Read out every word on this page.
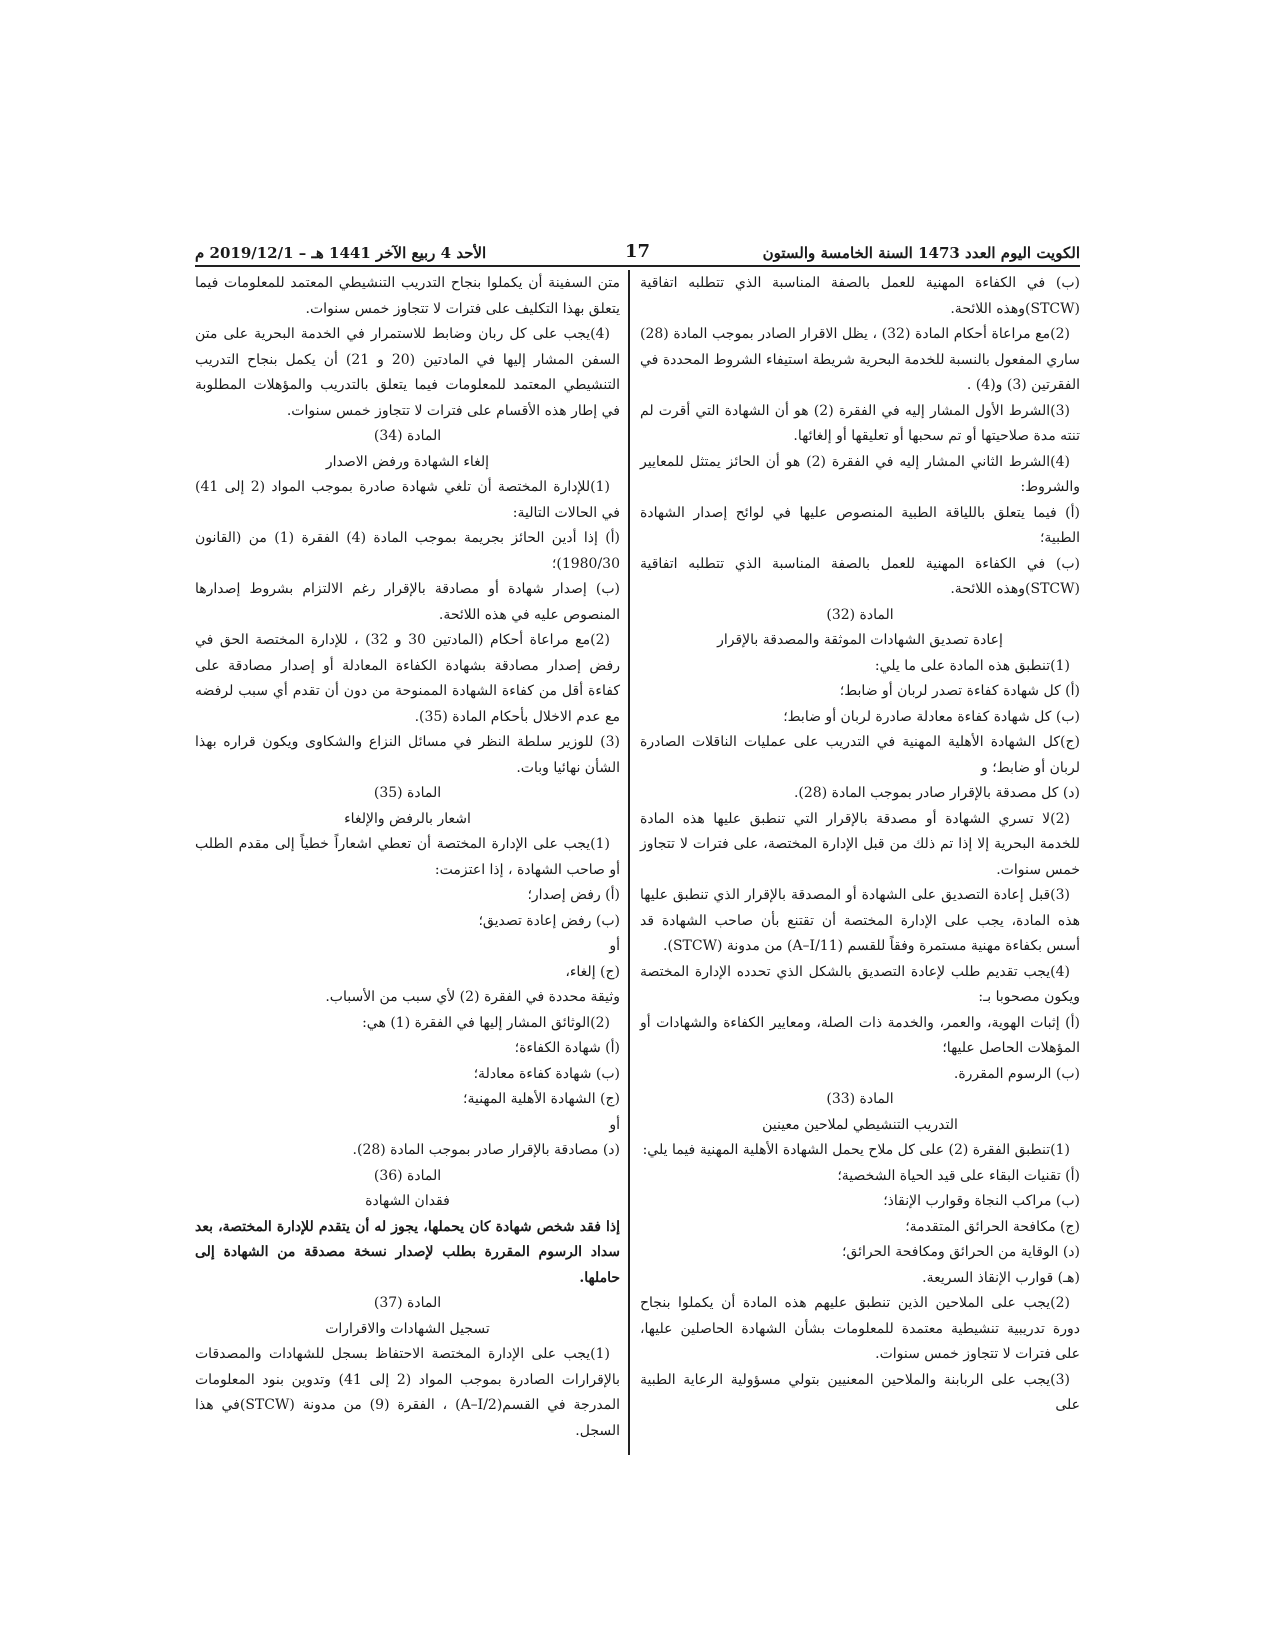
الكويت اليوم العدد 1473 السنة الخامسة والستون
17
الأحد 4 ربيع الآخر 1441 هـ – 2019/12/1 م

(ب) في الكفاءة المهنية للعمل بالصفة المناسبة الذي تتطلبه اتفاقية (STCW)وهذه اللائحة.

(2)مع مراعاة أحكام المادة (32) ، يظل الاقرار الصادر بموجب المادة (28) ساري المفعول بالنسبة للخدمة البحرية شريطة استيفاء الشروط المحددة في الفقرتين (3) و(4) .

(3)الشرط الأول المشار إليه في الفقرة (2) هو أن الشهادة التي أقرت لم تنته مدة صلاحيتها أو تم سحبها أو تعليقها أو إلغائها.

(4)الشرط الثاني المشار إليه في الفقرة (2) هو أن الحائز يمتثل للمعايير والشروط:

(أ) فيما يتعلق باللياقة الطبية المنصوص عليها في لوائح إصدار الشهادة الطبية؛

(ب) في الكفاءة المهنية للعمل بالصفة المناسبة الذي تتطلبه اتفاقية (STCW)وهذه اللائحة.

المادة (32)

إعادة تصديق الشهادات الموثقة والمصدقة بالإقرار

(1)تنطبق هذه المادة على ما يلي:

(أ) كل شهادة كفاءة تصدر لربان أو ضابط؛

(ب) كل شهادة كفاءة معادلة صادرة لربان أو ضابط؛

(ج)كل الشهادة الأهلية المهنية في التدريب على عمليات الناقلات الصادرة لربان أو ضابط؛ و

(د) كل مصدقة بالإقرار صادر بموجب المادة (28).

(2)لا تسري الشهادة أو مصدقة بالإقرار التي تنطبق عليها هذه المادة للخدمة البحرية إلا إذا تم ذلك من قبل الإدارة المختصة، على فترات لا تتجاوز خمس سنوات.

(3)قبل إعادة التصديق على الشهادة أو المصدقة بالإقرار الذي تنطبق عليها هذه المادة، يجب على الإدارة المختصة أن تقتنع بأن صاحب الشهادة قد أسس بكفاءة مهنية مستمرة وفقاً للقسم (A–I/11) من مدونة (STCW).

(4)يجب تقديم طلب لإعادة التصديق بالشكل الذي تحدده الإدارة المختصة ويكون مصحوبا بـ:

(أ) إثبات الهوية، والعمر، والخدمة ذات الصلة، ومعايير الكفاءة والشهادات أو المؤهلات الحاصل عليها؛

(ب) الرسوم المقررة.

المادة (33)

التدريب التنشيطي لملاحين معينين

(1)تنطبق الفقرة (2) على كل ملاح يحمل الشهادة الأهلية المهنية فيما يلي:

(أ) تقنيات البقاء على قيد الحياة الشخصية؛

(ب) مراكب النجاة وقوارب الإنقاذ؛

(ج) مكافحة الحرائق المتقدمة؛

(د) الوقاية من الحرائق ومكافحة الحرائق؛

(هـ) قوارب الإنقاذ السريعة.

(2)يجب على الملاحين الذين تنطبق عليهم هذه المادة أن يكملوا بنجاح دورة تدريبية تنشيطية معتمدة للمعلومات بشأن الشهادة الحاصلين عليها، على فترات لا تتجاوز خمس سنوات.

(3)يجب على الربابنة والملاحين المعنيين بتولي مسؤولية الرعاية الطبية على

متن السفينة أن يكملوا بنجاح التدريب التنشيطي المعتمد للمعلومات فيما يتعلق بهذا التكليف على فترات لا تتجاوز خمس سنوات.

(4)يجب على كل ربان وضابط للاستمرار في الخدمة البحرية على متن السفن المشار إليها في المادتين (20 و 21) أن يكمل بنجاح التدريب التنشيطي المعتمد للمعلومات فيما يتعلق بالتدريب والمؤهلات المطلوبة في إطار هذه الأقسام على فترات لا تتجاوز خمس سنوات.

المادة (34)

إلغاء الشهادة ورفض الاصدار

(1)للإدارة المختصة أن تلغي شهادة صادرة بموجب المواد (2 إلى 41) في الحالات التالية:

(أ) إذا أدين الحائز بجريمة بموجب المادة (4) الفقرة (1) من (القانون 1980/30)؛

(ب) إصدار شهادة أو مصادقة بالإقرار رغم الالتزام بشروط إصدارها المنصوص عليه في هذه اللائحة.

(2)مع مراعاة أحكام (المادتين 30 و 32) ، للإدارة المختصة الحق في رفض إصدار مصادقة بشهادة الكفاءة المعادلة أو إصدار مصادقة على كفاءة أقل من كفاءة الشهادة الممنوحة من دون أن تقدم أي سبب لرفضه مع عدم الاخلال بأحكام المادة (35).

(3) للوزير سلطة النظر في مسائل النزاع والشكاوى ويكون قراره بهذا الشأن نهائيا وبات.

المادة (35)

اشعار بالرفض والإلغاء

(1)يجب على الإدارة المختصة أن تعطي اشعاراً خطياً إلى مقدم الطلب أو صاحب الشهادة ، إذا اعتزمت:

(أ) رفض إصدار؛

(ب) رفض إعادة تصديق؛

أو

(ج) إلغاء،

وثيقة محددة في الفقرة (2) لأي سبب من الأسباب.

(2)الوثائق المشار إليها في الفقرة (1) هي:

(أ) شهادة الكفاءة؛

(ب) شهادة كفاءة معادلة؛

(ج) الشهادة الأهلية المهنية؛

أو

(د) مصادقة بالإقرار صادر بموجب المادة (28).

المادة (36)

فقدان الشهادة

إذا فقد شخص شهادة كان يحملها، يجوز له أن يتقدم للإدارة المختصة، بعد سداد الرسوم المقررة بطلب لإصدار نسخة مصدقة من الشهادة إلى حاملها.

المادة (37)

تسجيل الشهادات والاقرارات

(1)يجب على الإدارة المختصة الاحتفاظ بسجل للشهادات والمصدقات بالإقرارات الصادرة بموجب المواد (2 إلى 41) وتدوين بنود المعلومات المدرجة في القسم(A–I/2) ، الفقرة (9) من مدونة (STCW)في هذا السجل.
